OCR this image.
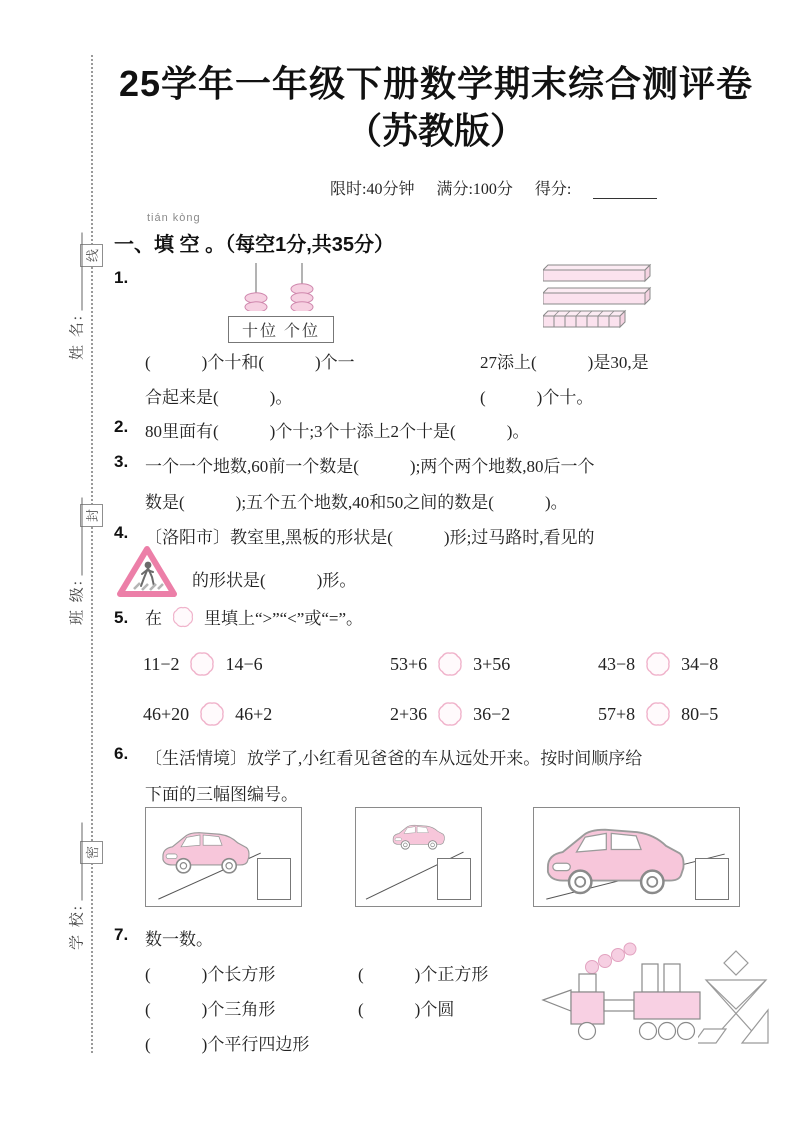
线
封
密
姓 名:
班 级:
学 校:
25学年一年级下册数学期末综合测评卷
（苏教版）
限时:40分钟 满分:100分 得分:
tián kòng
一、填 空 。（每空1分,共35分）
1.
十位 个位
(　　　)个十和(　　　)个一	27添上(　　　)是30,是
合起来是(　　　)。	(　　　)个十。
2. 80里面有(　　　)个十;3个十添上2个十是(　　　)。
3. 一个一个地数,60前一个数是(　　　);两个两个地数,80后一个
数是(　　　);五个五个地数,40和50之间的数是(　　　)。
4. 〔洛阳市〕教室里,黑板的形状是(　　　)形;过马路时,看见的
的形状是(　　　)形。
5. 在 里填上“>”“<”或“=”。
11−2	14−6	53+6	3+56	43−8	34−8
46+20	46+2	2+36	36−2	57+8	80−5
6. 〔生活情境〕放学了,小红看见爸爸的车从远处开来。按时间顺序给
下面的三幅图编号。
7. 数一数。
(　　　)个长方形	(　　　)个正方形
(　　　)个三角形	(　　　)个圆
(　　　)个平行四边形
